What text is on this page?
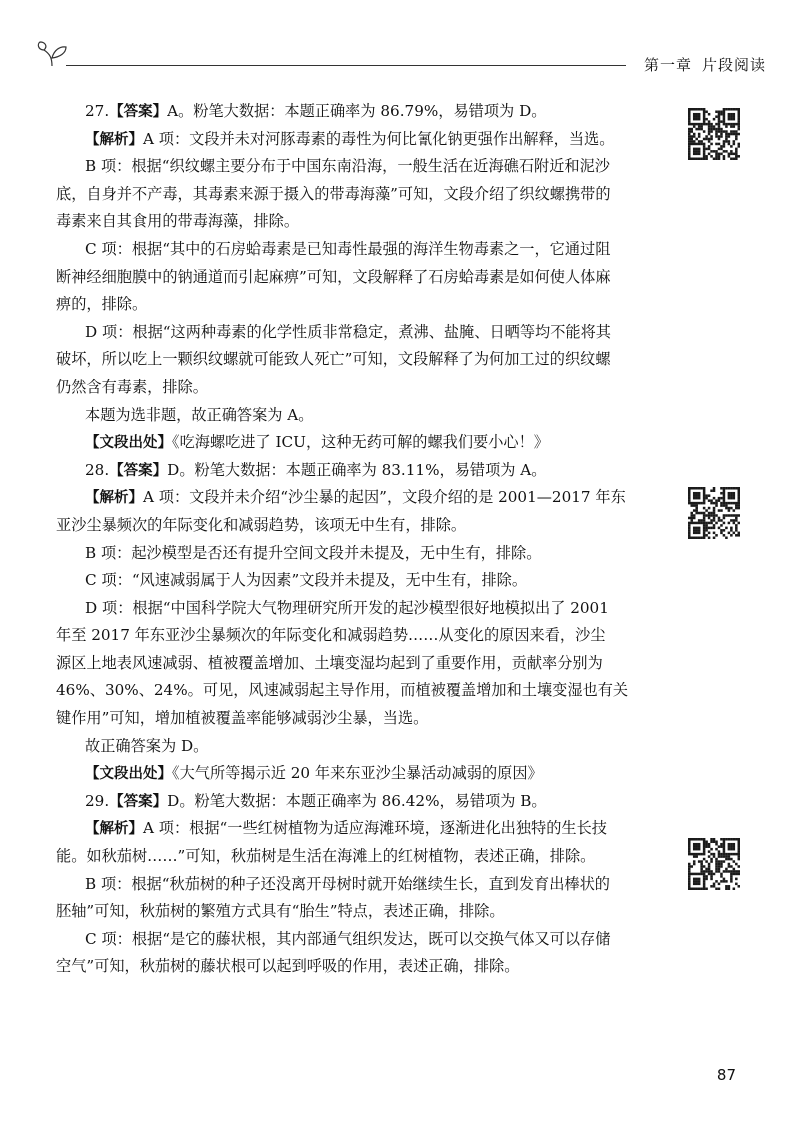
第一章 片段阅读
27.【答案】A。粉笔大数据：本题正确率为 86.79%，易错项为 D。
【解析】A 项：文段并未对河豚毒素的毒性为何比氰化钠更强作出解释，当选。
B 项：根据“织纹螺主要分布于中国东南沿海，一般生活在近海礁石附近和泥沙
底，自身并不产毒，其毒素来源于摄入的带毒海藻”可知，文段介绍了织纹螺携带的
毒素来自其食用的带毒海藻，排除。
C 项：根据“其中的石房蛤毒素是已知毒性最强的海洋生物毒素之一，它通过阻
断神经细胞膜中的钠通道而引起麻痹”可知，文段解释了石房蛤毒素是如何使人体麻
痹的，排除。
D 项：根据“这两种毒素的化学性质非常稳定，煮沸、盐腌、日晒等均不能将其
破坏，所以吃上一颗织纹螺就可能致人死亡”可知，文段解释了为何加工过的织纹螺
仍然含有毒素，排除。
本题为选非题，故正确答案为 A。
【文段出处】《吃海螺吃进了 ICU，这种无药可解的螺我们要小心！》
28.【答案】D。粉笔大数据：本题正确率为 83.11%，易错项为 A。
【解析】A 项：文段并未介绍“沙尘暴的起因”，文段介绍的是 2001—2017 年东
亚沙尘暴频次的年际变化和减弱趋势，该项无中生有，排除。
B 项：起沙模型是否还有提升空间文段并未提及，无中生有，排除。
C 项：“风速减弱属于人为因素”文段并未提及，无中生有，排除。
D 项：根据“中国科学院大气物理研究所开发的起沙模型很好地模拟出了 2001
年至 2017 年东亚沙尘暴频次的年际变化和减弱趋势……从变化的原因来看，沙尘
源区上地表风速减弱、植被覆盖增加、土壤变湿均起到了重要作用，贡献率分别为
46%、30%、24%。可见，风速减弱起主导作用，而植被覆盖增加和土壤变湿也有关
键作用”可知，增加植被覆盖率能够减弱沙尘暴，当选。
故正确答案为 D。
【文段出处】《大气所等揭示近 20 年来东亚沙尘暴活动减弱的原因》
29.【答案】D。粉笔大数据：本题正确率为 86.42%，易错项为 B。
【解析】A 项：根据“一些红树植物为适应海滩环境，逐渐进化出独特的生长技
能。如秋茄树……”可知，秋茄树是生活在海滩上的红树植物，表述正确，排除。
B 项：根据“秋茄树的种子还没离开母树时就开始继续生长，直到发育出棒状的
胚轴”可知，秋茄树的繁殖方式具有“胎生”特点，表述正确，排除。
C 项：根据“是它的藤状根，其内部通气组织发达，既可以交换气体又可以存储
空气”可知，秋茄树的藤状根可以起到呼吸的作用，表述正确，排除。
87
